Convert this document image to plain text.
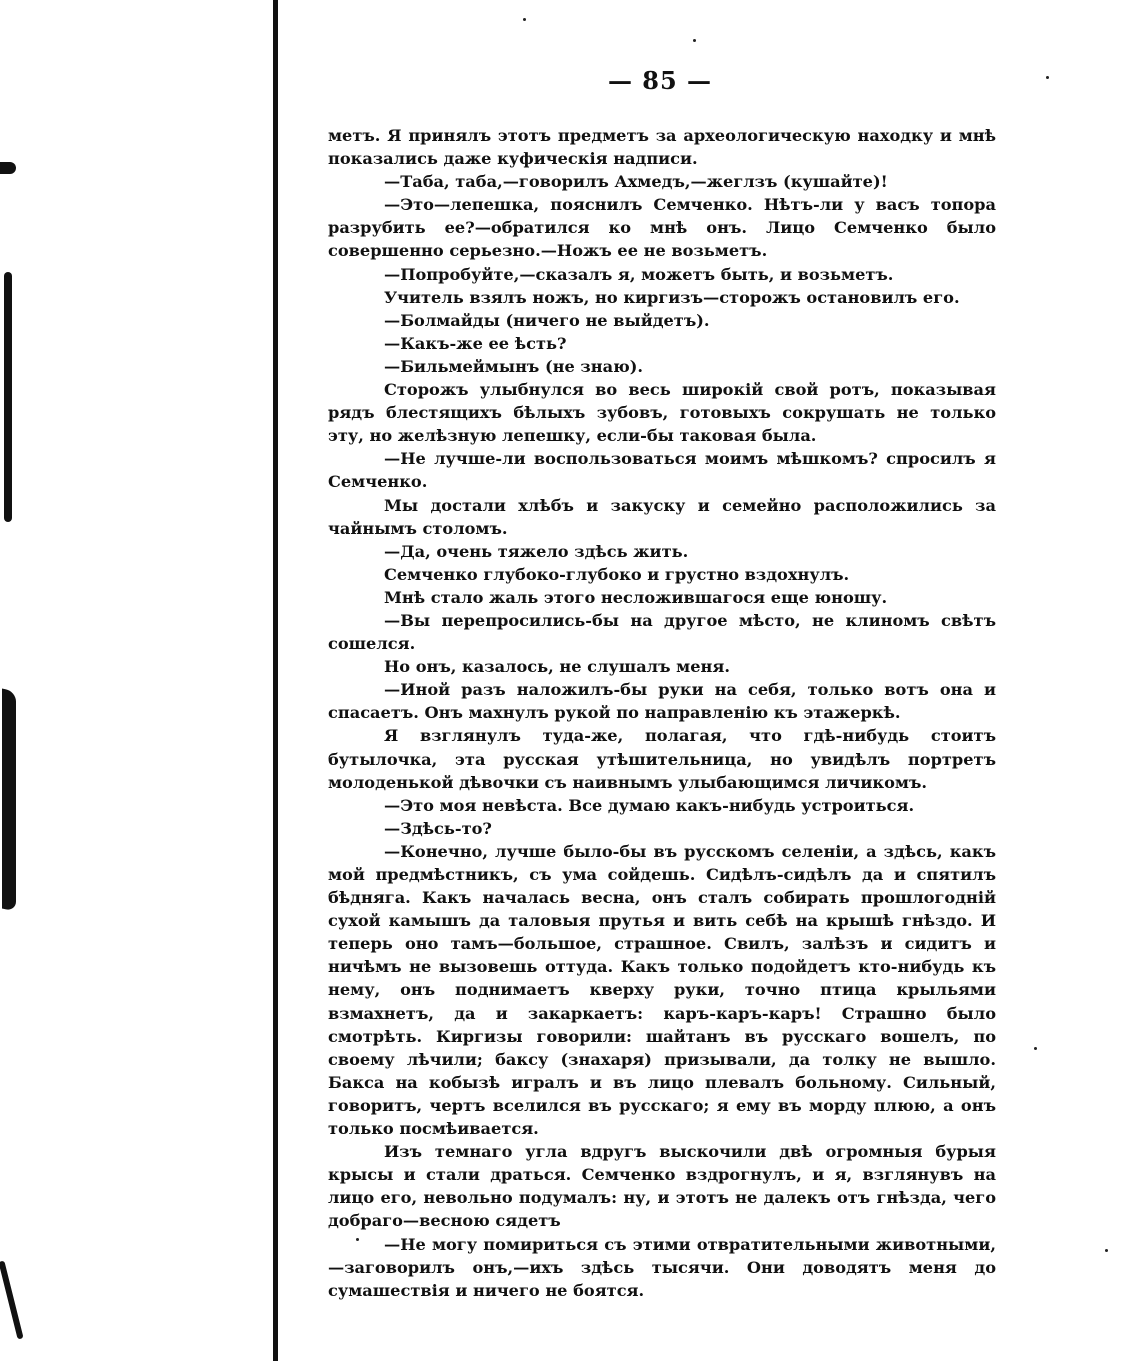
— 85 —

метъ. Я принялъ этотъ предметъ за археологическую находку и мнѣ показались даже куфическія надписи.

—Таба, таба,—говорилъ Ахмедъ,—жеглзъ (кушайте)!

—Это—лепешка, пояснилъ Семченко. Нѣтъ-ли у васъ топора разрубить ее?—обратился ко мнѣ онъ. Лицо Семченко было совершенно серьезно.—Ножъ ее не возьметъ.

—Попробуйте,—сказалъ я, можетъ быть, и возьметъ.

Учитель взялъ ножъ, но киргизъ—сторожъ остановилъ его.

—Болмайды (ничего не выйдетъ).

—Какъ-же ее ѣсть?

—Бильмеймынъ (не знаю).

Сторожъ улыбнулся во весь широкій свой ротъ, показывая рядъ блестящихъ бѣлыхъ зубовъ, готовыхъ сокрушать не только эту, но желѣзную лепешку, если-бы таковая была.

—Не лучше-ли воспользоваться моимъ мѣшкомъ? спросилъ я Семченко.

Мы достали хлѣбъ и закуску и семейно расположились за чайнымъ столомъ.

—Да, очень тяжело здѣсь жить.

Семченко глубоко-глубоко и грустно вздохнулъ.

Мнѣ стало жаль этого несложившагося еще юношу.

—Вы перепросились-бы на другое мѣсто, не клиномъ свѣтъ сошелся.

Но онъ, казалось, не слушалъ меня.

—Иной разъ наложилъ-бы руки на себя, только вотъ она и спасаетъ. Онъ махнулъ рукой по направленію къ этажеркѣ.

Я взглянулъ туда-же, полагая, что гдѣ-нибудь стоитъ бутылочка, эта русская утѣшительница, но увидѣлъ портретъ молоденькой дѣвочки съ наивнымъ улыбающимся личикомъ.

—Это моя невѣста. Все думаю какъ-нибудь устроиться.

—Здѣсь-то?

—Конечно, лучше было-бы въ русскомъ селеніи, а здѣсь, какъ мой предмѣстникъ, съ ума сойдешь. Сидѣлъ-сидѣлъ да и спятилъ бѣдняга. Какъ началась весна, онъ сталъ собирать прошлогодній сухой камышъ да таловыя прутья и вить себѣ на крышѣ гнѣздо. И теперь оно тамъ—большое, страшное. Свилъ, залѣзъ и сидитъ и ничѣмъ не вызовешь оттуда. Какъ только подойдетъ кто-нибудь къ нему, онъ поднимаетъ кверху руки, точно птица крыльями взмахнетъ, да и закаркаетъ: каръ-каръ-каръ! Страшно было смотрѣть. Киргизы говорили: шайтанъ въ русскаго вошелъ, по своему лѣчили; баксу (знахаря) призывали, да толку не вышло. Бакса на кобызѣ игралъ и въ лицо плевалъ больному. Сильный, говоритъ, чертъ вселился въ русскаго; я ему въ морду плюю, а онъ только посмѣивается.

Изъ темнаго угла вдругъ выскочили двѣ огромныя бурыя крысы и стали драться. Семченко вздрогнулъ, и я, взглянувъ на лицо его, невольно подумалъ: ну, и этотъ не далекъ отъ гнѣзда, чего добраго—весною сядетъ

—Не могу помириться съ этими отвратительными животными,—заговорилъ онъ,—ихъ здѣсь тысячи. Они доводятъ меня до сумашествія и ничего не боятся.
